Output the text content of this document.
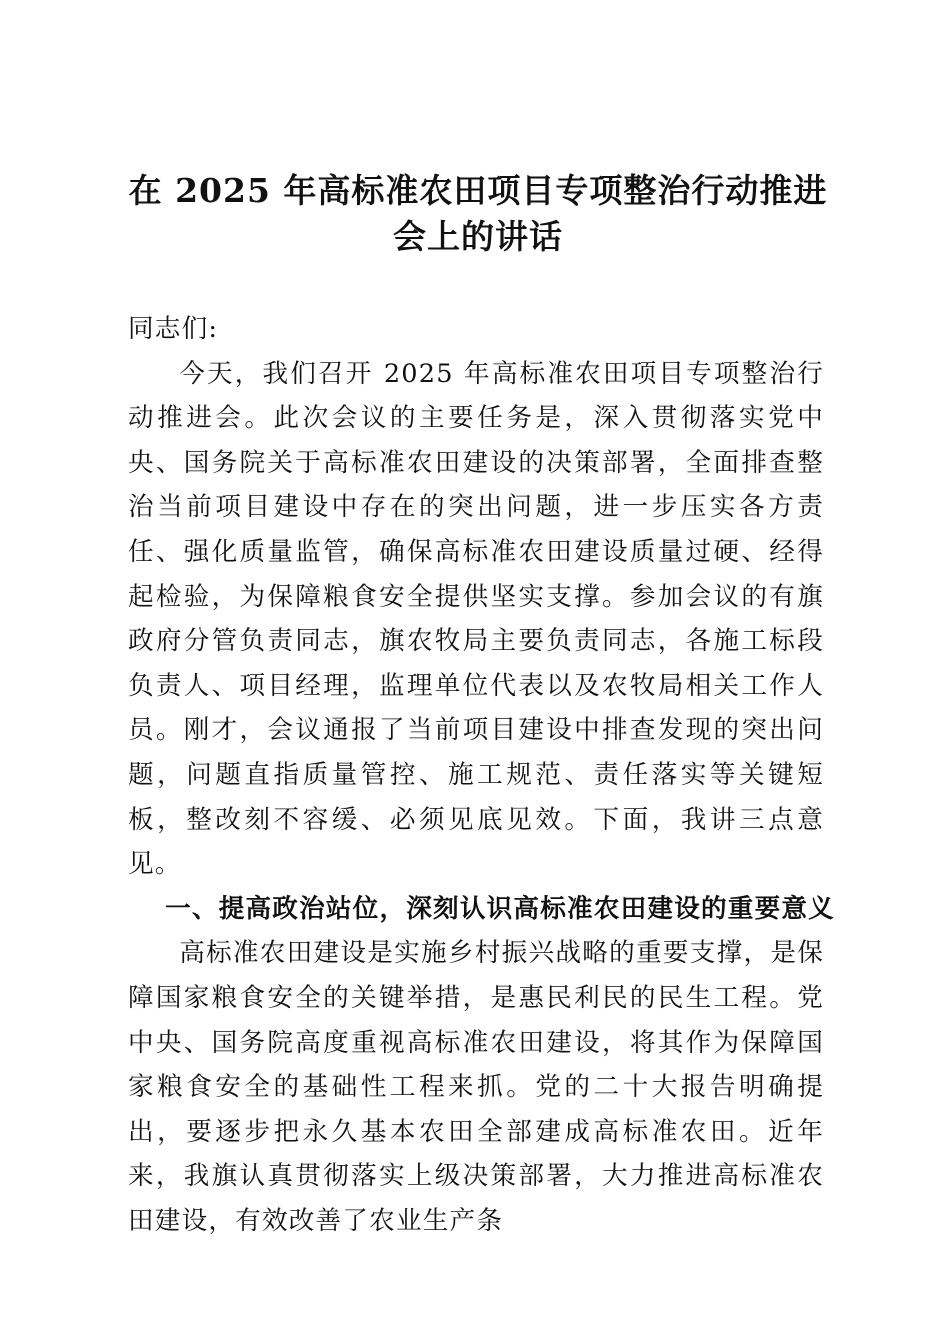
在 2025 年高标准农田项目专项整治行动推进
会上的讲话

同志们:

今天，我们召开 2025 年高标准农田项目专项整治行动推进会。此次会议的主要任务是，深入贯彻落实党中央、国务院关于高标准农田建设的决策部署，全面排查整治当前项目建设中存在的突出问题，进一步压实各方责任、强化质量监管，确保高标准农田建设质量过硬、经得起检验，为保障粮食安全提供坚实支撑。参加会议的有旗政府分管负责同志，旗农牧局主要负责同志，各施工标段负责人、项目经理，监理单位代表以及农牧局相关工作人员。刚才，会议通报了当前项目建设中排查发现的突出问题，问题直指质量管控、施工规范、责任落实等关键短板，整改刻不容缓、必须见底见效。下面，我讲三点意见。

一、提高政治站位，深刻认识高标准农田建设的重要意义

高标准农田建设是实施乡村振兴战略的重要支撑，是保障国家粮食安全的关键举措，是惠民利民的民生工程。党中央、国务院高度重视高标准农田建设，将其作为保障国家粮食安全的基础性工程来抓。党的二十大报告明确提出，要逐步把永久基本农田全部建成高标准农田。近年来，我旗认真贯彻落实上级决策部署，大力推进高标准农田建设，有效改善了农业生产条
